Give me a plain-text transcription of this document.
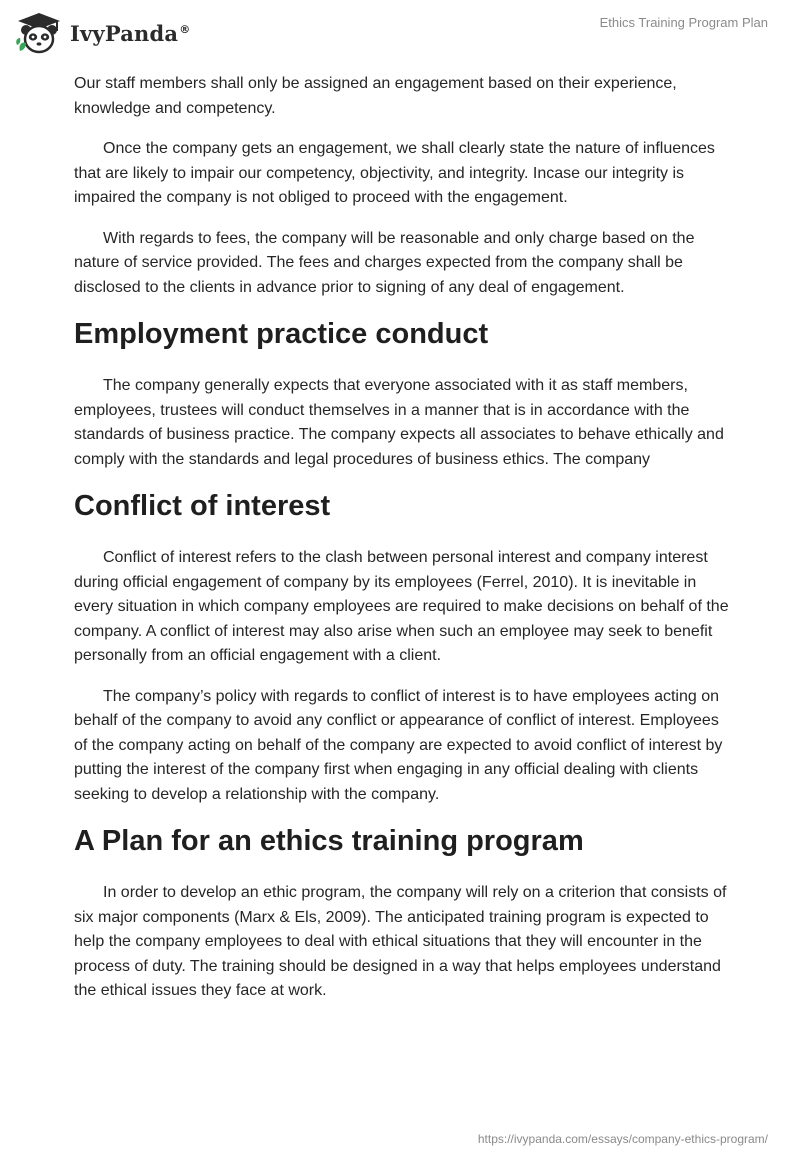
IvyPanda®	Ethics Training Program Plan

Our staff members shall only be assigned an engagement based on their experience, knowledge and competency.

Once the company gets an engagement, we shall clearly state the nature of influences that are likely to impair our competency, objectivity, and integrity. Incase our integrity is impaired the company is not obliged to proceed with the engagement.

With regards to fees, the company will be reasonable and only charge based on the nature of service provided. The fees and charges expected from the company shall be disclosed to the clients in advance prior to signing of any deal of engagement.

Employment practice conduct

The company generally expects that everyone associated with it as staff members, employees, trustees will conduct themselves in a manner that is in accordance with the standards of business practice. The company expects all associates to behave ethically and comply with the standards and legal procedures of business ethics. The company

Conflict of interest

Conflict of interest refers to the clash between personal interest and company interest during official engagement of company by its employees (Ferrel, 2010). It is inevitable in every situation in which company employees are required to make decisions on behalf of the company. A conflict of interest may also arise when such an employee may seek to benefit personally from an official engagement with a client.

The company’s policy with regards to conflict of interest is to have employees acting on behalf of the company to avoid any conflict or appearance of conflict of interest. Employees of the company acting on behalf of the company are expected to avoid conflict of interest by putting the interest of the company first when engaging in any official dealing with clients seeking to develop a relationship with the company.

A Plan for an ethics training program

In order to develop an ethic program, the company will rely on a criterion that consists of six major components (Marx & Els, 2009). The anticipated training program is expected to help the company employees to deal with ethical situations that they will encounter in the process of duty. The training should be designed in a way that helps employees understand the ethical issues they face at work.

https://ivypanda.com/essays/company-ethics-program/
